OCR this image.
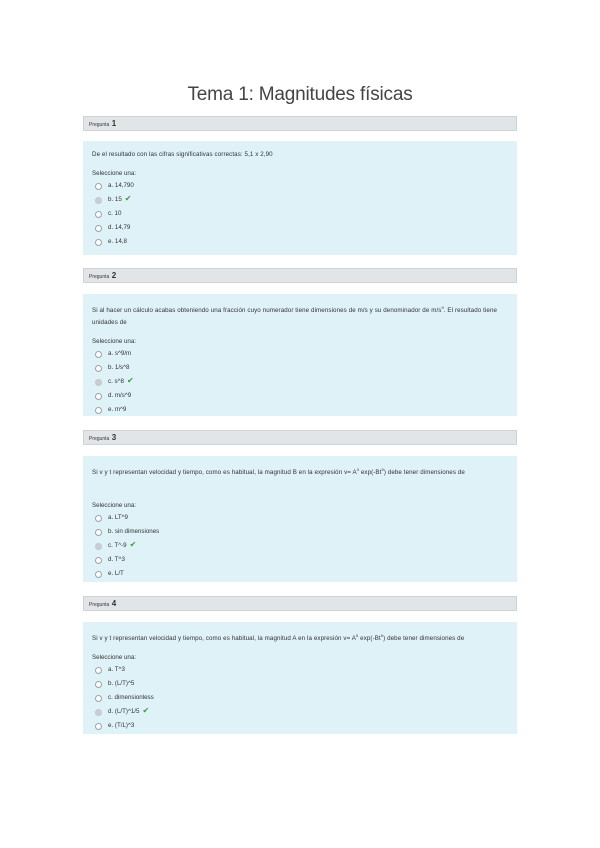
Tema 1: Magnitudes físicas
Pregunta 1
De el resultado con las cifras significativas correctas: 5,1 x 2,90
Seleccione una:
a. 14,790
b. 15 ✔
c. 10
d. 14,79
e. 14,8
Pregunta 2
Si al hacer un cálculo acabas obteniendo una fracción cuyo numerador tiene dimensiones de m/s y su denominador de $m/s^9$. El resultado tiene unidades de
Seleccione una:
a. s^9/m
b. 1/s^8
c. s^8 ✔
d. m/s^9
e. m^9
Pregunta 3
Si v y t representan velocidad y tiempo, como es habitual, la magnitud B en la expresión $v= A^3$ exp(-Bt$^9$) debe tener dimensiones de
Seleccione una:
a. LT^9
b. sin dimensiones
c. T^-9 ✔
d. T^3
e. L/T
Pregunta 4
Si v y t representan velocidad y tiempo, como es habitual, la magnitud A en la expresión $v= A^5$ exp(-Bt$^9$) debe tener dimensiones de
Seleccione una:
a. T^3
b. (L/T)^5
c. dimensionless
d. (L/T)^1/5 ✔
e. (T/L)^3
